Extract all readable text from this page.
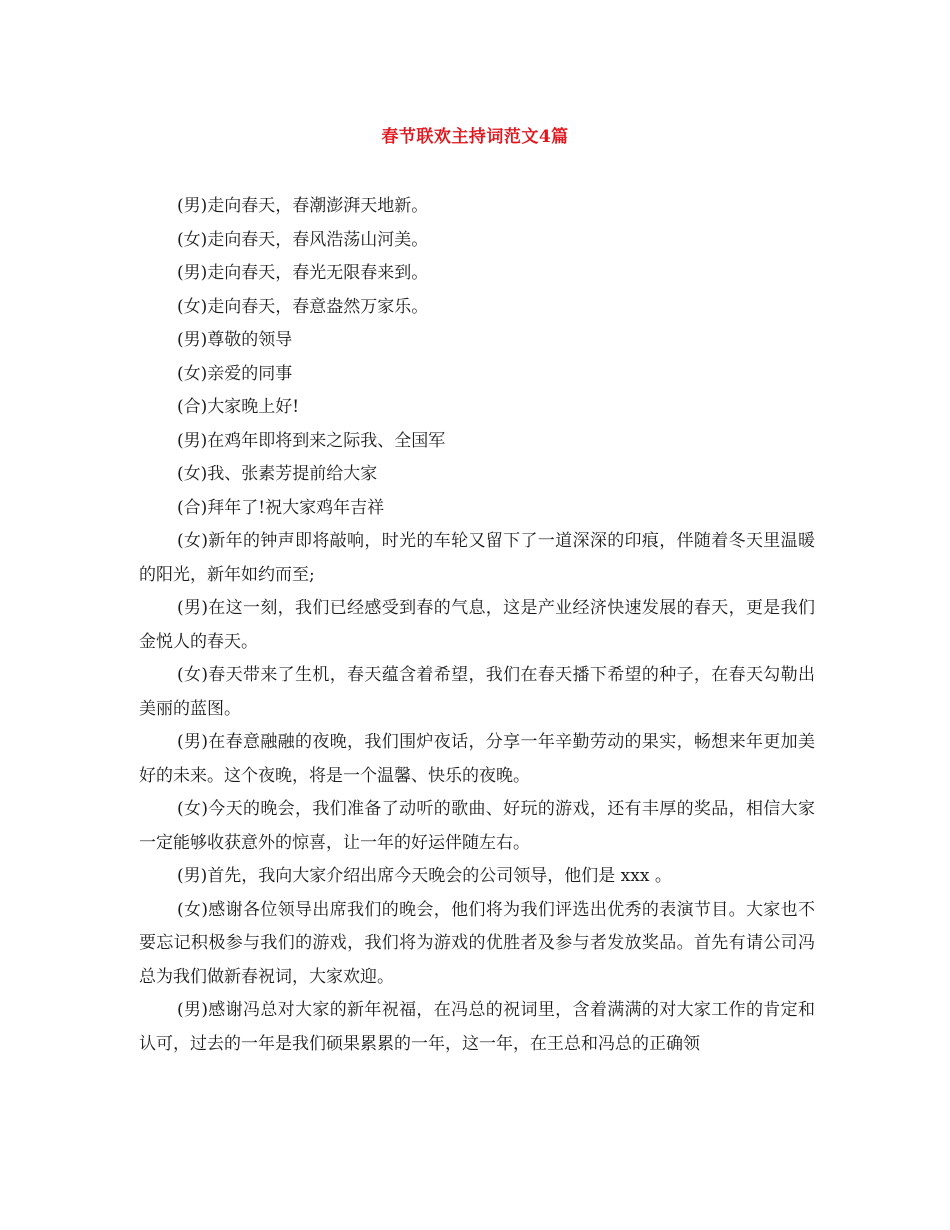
春节联欢主持词范文4篇

(男)走向春天，春潮澎湃天地新。

(女)走向春天，春风浩荡山河美。

(男)走向春天，春光无限春来到。

(女)走向春天，春意盎然万家乐。

(男)尊敬的领导

(女)亲爱的同事

(合)大家晚上好!

(男)在鸡年即将到来之际我、全国军

(女)我、张素芳提前给大家

(合)拜年了!祝大家鸡年吉祥

(女)新年的钟声即将敲响，时光的车轮又留下了一道深深的印痕，伴随着冬天里温暖的阳光，新年如约而至;

(男)在这一刻，我们已经感受到春的气息，这是产业经济快速发展的春天，更是我们金悦人的春天。

(女)春天带来了生机，春天蕴含着希望，我们在春天播下希望的种子，在春天勾勒出美丽的蓝图。

(男)在春意融融的夜晚，我们围炉夜话，分享一年辛勤劳动的果实，畅想来年更加美好的未来。这个夜晚，将是一个温馨、快乐的夜晚。

(女)今天的晚会，我们准备了动听的歌曲、好玩的游戏，还有丰厚的奖品，相信大家一定能够收获意外的惊喜，让一年的好运伴随左右。

(男)首先，我向大家介绍出席今天晚会的公司领导，他们是 xxx 。

(女)感谢各位领导出席我们的晚会，他们将为我们评选出优秀的表演节目。大家也不要忘记积极参与我们的游戏，我们将为游戏的优胜者及参与者发放奖品。首先有请公司冯总为我们做新春祝词，大家欢迎。

(男)感谢冯总对大家的新年祝福，在冯总的祝词里，含着满满的对大家工作的肯定和认可，过去的一年是我们硕果累累的一年，这一年，在王总和冯总的正确领
